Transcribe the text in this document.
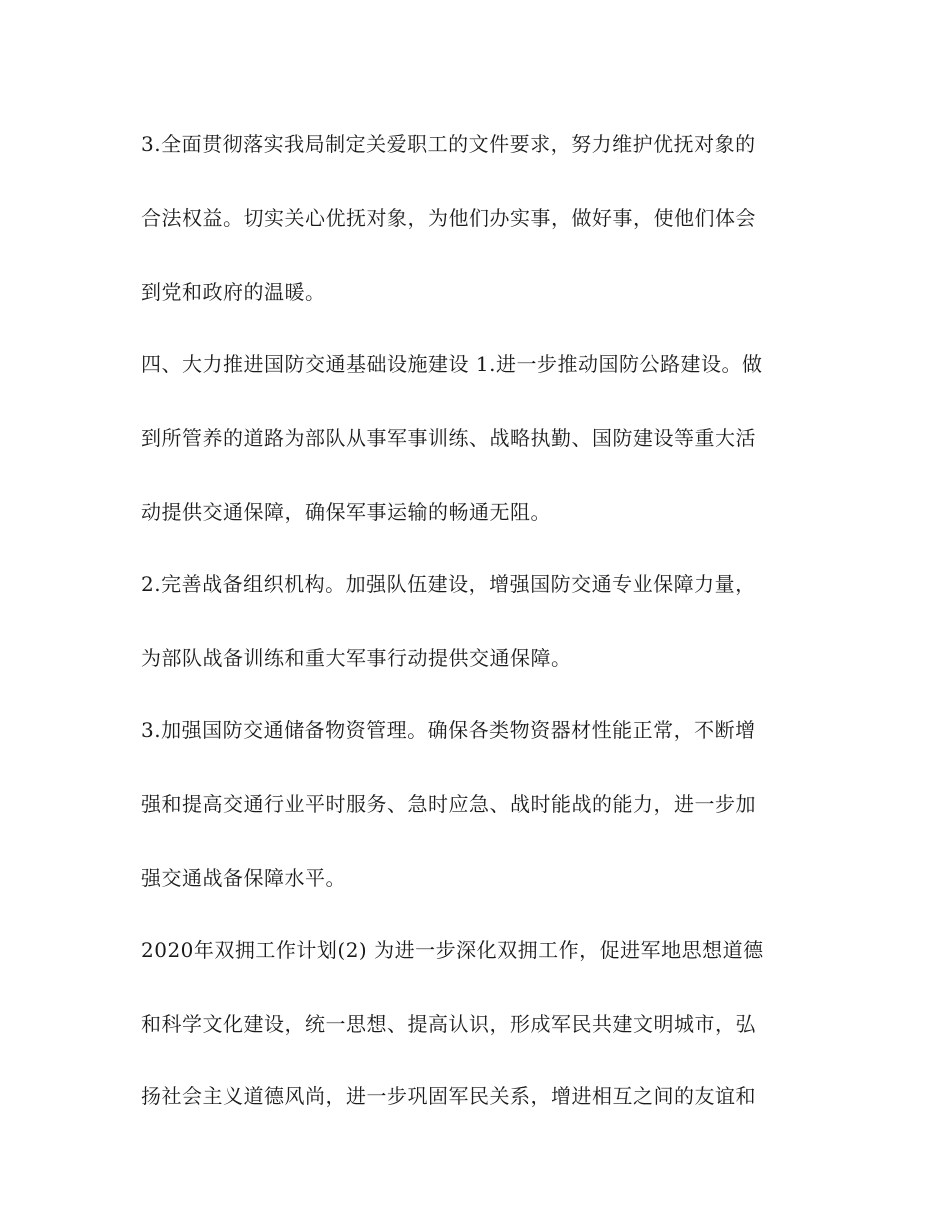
3.全面贯彻落实我局制定关爱职工的文件要求，努力维护优抚对象的
合法权益。切实关心优抚对象，为他们办实事，做好事，使他们体会
到党和政府的温暖。
四、大力推进国防交通基础设施建设 1.进一步推动国防公路建设。做
到所管养的道路为部队从事军事训练、战略执勤、国防建设等重大活
动提供交通保障，确保军事运输的畅通无阻。
2.完善战备组织机构。加强队伍建设，增强国防交通专业保障力量，
为部队战备训练和重大军事行动提供交通保障。
3.加强国防交通储备物资管理。确保各类物资器材性能正常，不断增
强和提高交通行业平时服务、急时应急、战时能战的能力，进一步加
强交通战备保障水平。
2020年双拥工作计划(2) 为进一步深化双拥工作，促进军地思想道德
和科学文化建设，统一思想、提高认识，形成军民共建文明城市，弘
扬社会主义道德风尚，进一步巩固军民关系，增进相互之间的友谊和
